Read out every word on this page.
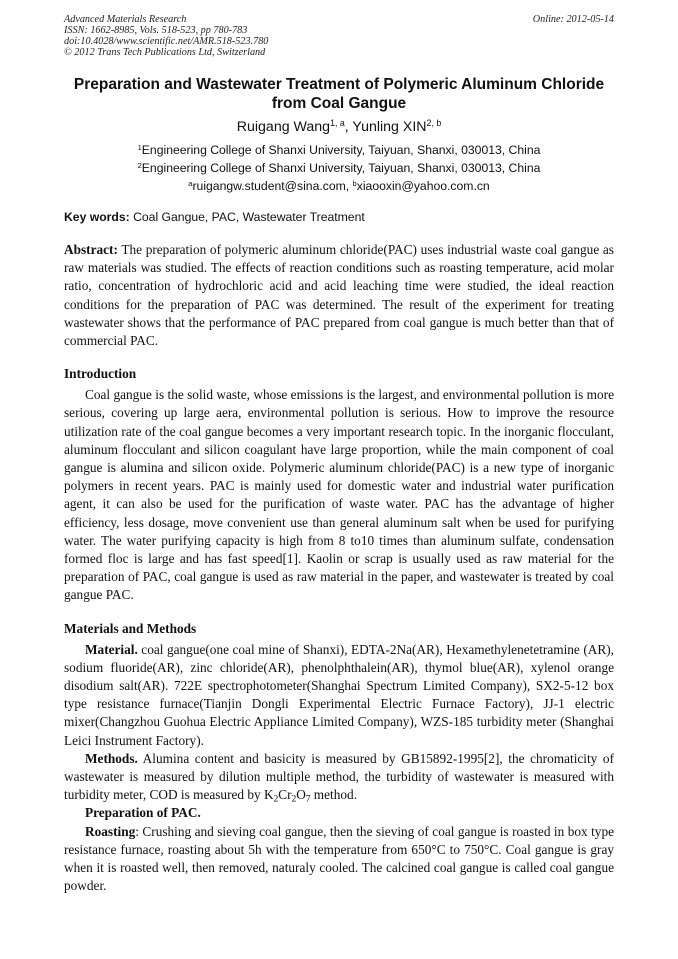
Advanced Materials Research
ISSN: 1662-8985, Vols. 518-523, pp 780-783
doi:10.4028/www.scientific.net/AMR.518-523.780
© 2012 Trans Tech Publications Ltd, Switzerland
Online: 2012-05-14
Preparation and Wastewater Treatment of Polymeric Aluminum Chloride from Coal Gangue
Ruigang Wang$^{1, a}$, Yunling XIN$^{2, b}$
$^1$Engineering College of Shanxi University, Taiyuan, Shanxi, 030013, China
$^2$Engineering College of Shanxi University, Taiyuan, Shanxi, 030013, China
$^a$ruigangw.student@sina.com, $^b$xiaooxin@yahoo.com.cn
Key words: Coal Gangue, PAC, Wastewater Treatment

Abstract: The preparation of polymeric aluminum chloride(PAC) uses industrial waste coal gangue as raw materials was studied. The effects of reaction conditions such as roasting temperature, acid molar ratio, concentration of hydrochloric acid and acid leaching time were studied, the ideal reaction conditions for the preparation of PAC was determined. The result of the experiment for treating wastewater shows that the performance of PAC prepared from coal gangue is much better than that of commercial PAC.

Introduction

Coal gangue is the solid waste, whose emissions is the largest, and environmental pollution is more serious, covering up large aera, environmental pollution is serious. How to improve the resource utilization rate of the coal gangue becomes a very important research topic. In the inorganic flocculant, aluminum flocculant and silicon coagulant have large proportion, while the main component of coal gangue is alumina and silicon oxide. Polymeric aluminum chloride(PAC) is a new type of inorganic polymers in recent years. PAC is mainly used for domestic water and industrial water purification agent, it can also be used for the purification of waste water. PAC has the advantage of higher efficiency, less dosage, move convenient use than general aluminum salt when be used for purifying water. The water purifying capacity is high from 8 to10 times than aluminum sulfate, condensation formed floc is large and has fast speed[1]. Kaolin or scrap is usually used as raw material for the preparation of PAC, coal gangue is used as raw material in the paper, and wastewater is treated by coal gangue PAC.

Materials and Methods

Material. coal gangue(one coal mine of Shanxi), EDTA-2Na(AR), Hexamethylenetetramine (AR), sodium fluoride(AR), zinc chloride(AR), phenolphthalein(AR), thymol blue(AR), xylenol orange disodium salt(AR). 722E spectrophotometer(Shanghai Spectrum Limited Company), SX2-5-12 box type resistance furnace(Tianjin Dongli Experimental Electric Furnace Factory), JJ-1 electric mixer(Changzhou Guohua Electric Appliance Limited Company), WZS-185 turbidity meter (Shanghai Leici Instrument Factory).

Methods. Alumina content and basicity is measured by GB15892-1995[2], the chromaticity of wastewater is measured by dilution multiple method, the turbidity of wastewater is measured with turbidity meter, COD is measured by $K_2Cr_2O_7$ method.

Preparation of PAC.

Roasting: Crushing and sieving coal gangue, then the sieving of coal gangue is roasted in box type resistance furnace, roasting about 5h with the temperature from 650°C to 750°C. Coal gangue is gray when it is roasted well, then removed, naturaly cooled. The calcined coal gangue is called coal gangue powder.
